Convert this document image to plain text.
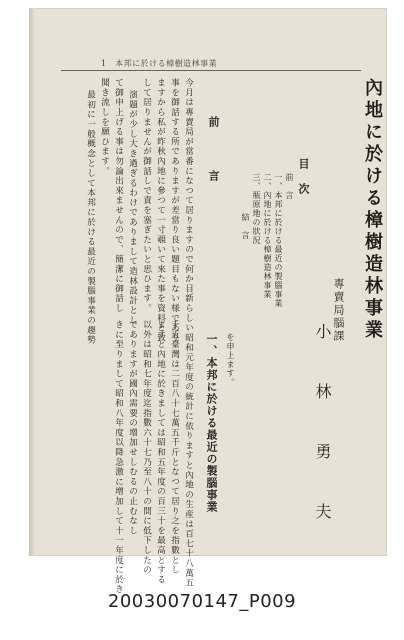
1　本邦に於ける樟樹造林事業
內地に於ける樟樹造林事業
專賣局腦課
小　林　勇　夫
目次
前　言
一、本邦に於ける最近の製腦事業
二、內地に於ける樟樹造林事業
三、瓶原地の狀況
結　言
を申上ます。
一、本邦に於ける最近の製腦事業
前　言
今月は專賣局が當番になつて居りますので何か目新らしい
事を御話する所でありますが差當り良い題目もない様であり
ますから私が昨秋內地に參つて一寸覗いて來た事を資料と致
して居りませんが御話しで責を塞ぎたいと思ひます。
演題が少し大き過ぎるわけでありまして造林設計とし
て御申上げる事は勿論出來ませんので、簡潔に御話し
聞き流しを願ひます。
最初に一般概念として本邦に於ける最近の製腦事業の趨勢
昭和元年度の統計に依りますと內地の生産は百七十八萬五
千近臺灣は二百八十七萬五千斤となつて居り之を指數とし
ますと內地に於きましては昭和五年度の百三十を最高とする
以外は昭和七年度迄指數六十七乃至八十の間に低下したの
でありますが國內需要の增加せしむるの止むなし
きに至りまして昭和八年度以降急激に增加して十一年度に於き
20030070147_P009
